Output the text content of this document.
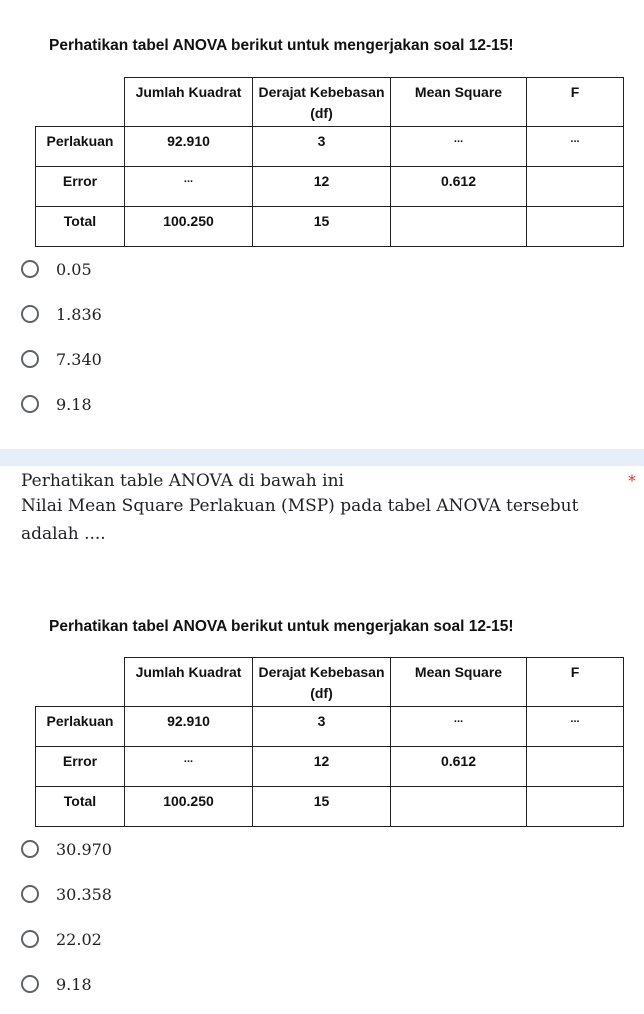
Perhatikan tabel ANOVA berikut untuk mengerjakan soal 12-15!
	Jumlah Kuadrat	Derajat Kebebasan (df)	Mean Square	F
Perlakuan	92.910	3	...	...
Error	...	12	0.612	
Total	100.250	15		
0.05
1.836
7.340
9.18
Perhatikan table ANOVA di bawah ini	*
Nilai Mean Square Perlakuan (MSP) pada tabel ANOVA tersebut
adalah ....
Perhatikan tabel ANOVA berikut untuk mengerjakan soal 12-15!
	Jumlah Kuadrat	Derajat Kebebasan (df)	Mean Square	F
Perlakuan	92.910	3	...	...
Error	...	12	0.612	
Total	100.250	15		
30.970
30.358
22.02
9.18
